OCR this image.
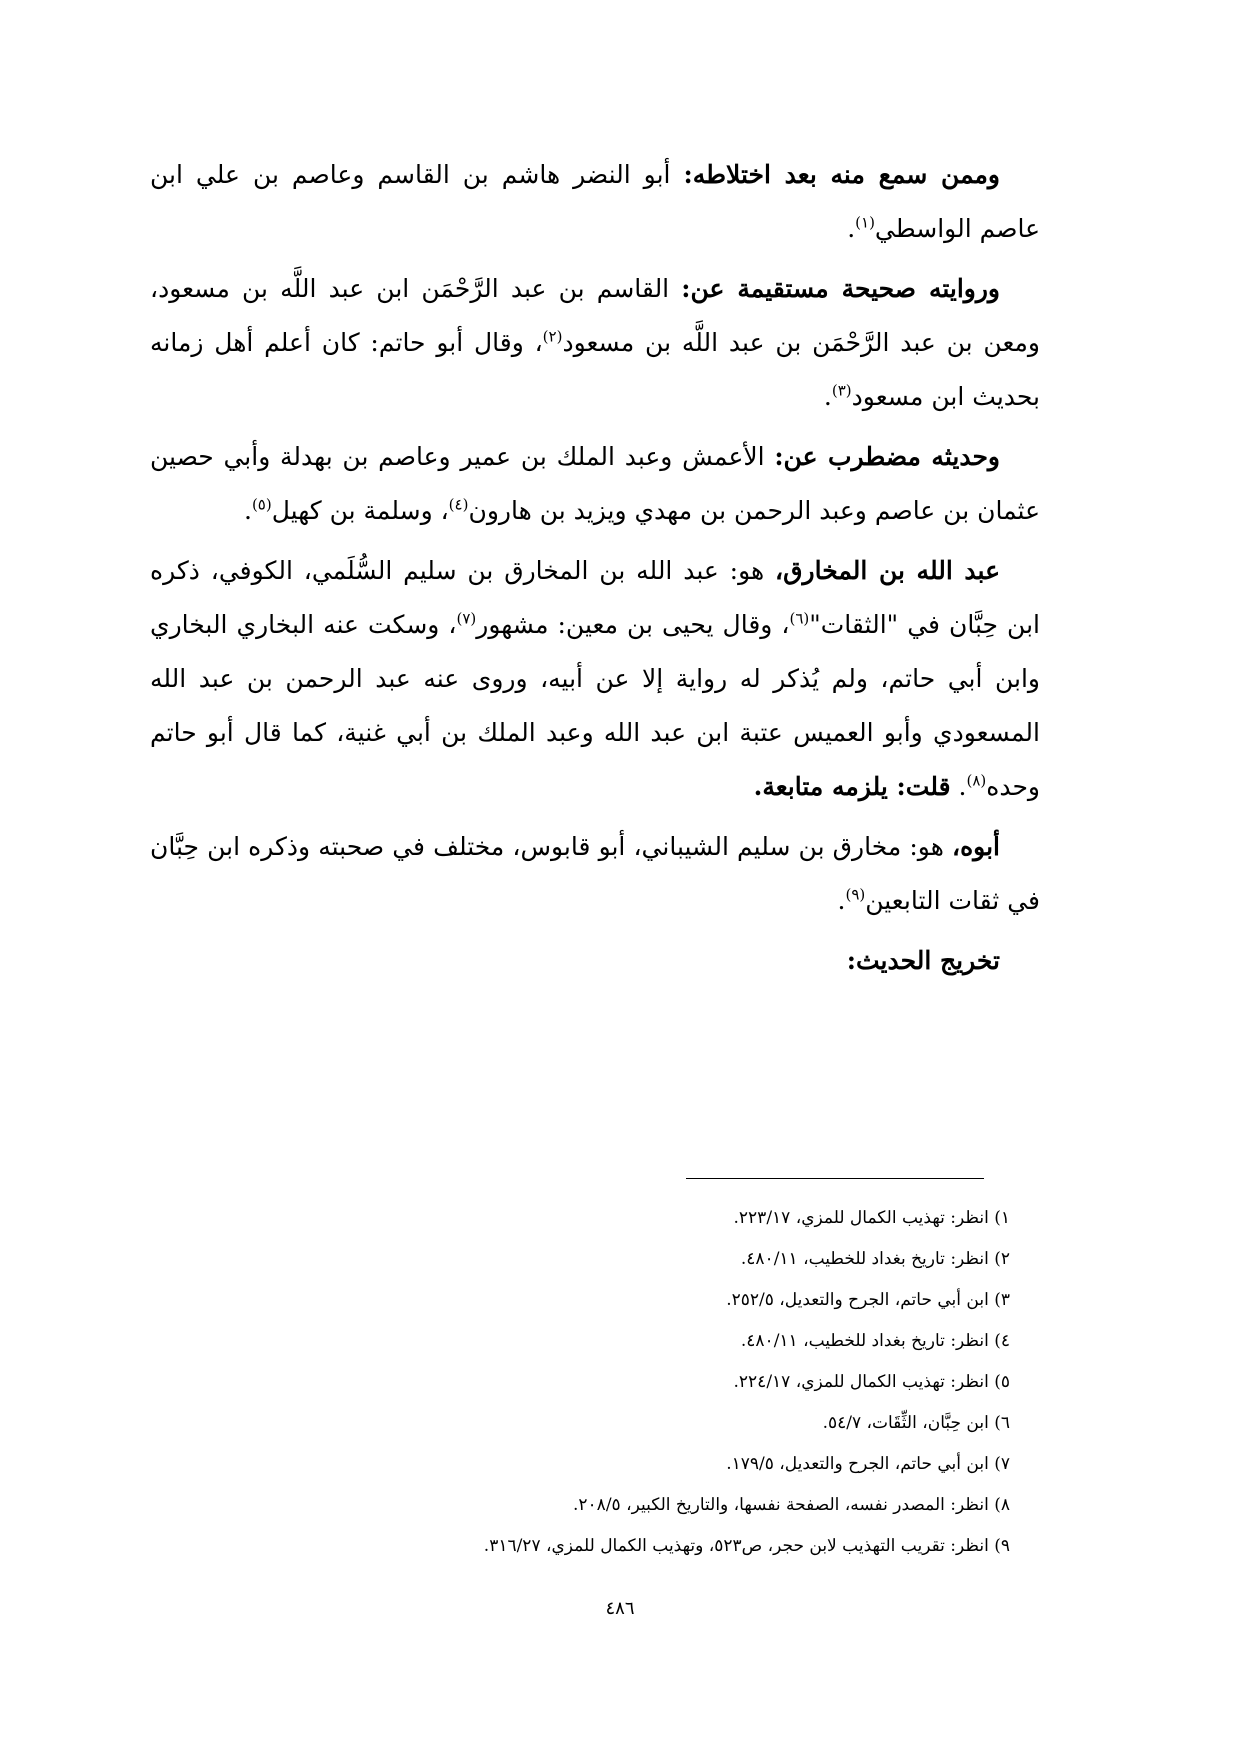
وممن سمع منه بعد اختلاطه: أبو النضر هاشم بن القاسم وعاصم بن علي ابن عاصم الواسطي$^{(١)}$.

وروايته صحيحة مستقيمة عن: القاسم بن عبد الرَّحْمَن ابن عبد اللَّه بن مسعود، ومعن بن عبد الرَّحْمَن بن عبد اللَّه بن مسعود$^{(٢)}$، وقال أبو حاتم: كان أعلم أهل زمانه بحديث ابن مسعود$^{(٣)}$.

وحديثه مضطرب عن: الأعمش وعبد الملك بن عمير وعاصم بن بهدلة وأبي حصين عثمان بن عاصم وعبد الرحمن بن مهدي ويزيد بن هارون$^{(٤)}$، وسلمة بن كهيل$^{(٥)}$.

عبد الله بن المخارق، هو: عبد الله بن المخارق بن سليم السُّلَمي، الكوفي، ذكره ابن حِبَّان في "الثقات"$^{(٦)}$، وقال يحيى بن معين: مشهور$^{(٧)}$، وسكت عنه البخاري البخاري وابن أبي حاتم، ولم يُذكر له رواية إلا عن أبيه، وروى عنه عبد الرحمن بن عبد الله المسعودي وأبو العميس عتبة ابن عبد الله وعبد الملك بن أبي غنية، كما قال أبو حاتم وحده$^{(٨)}$. قلت: يلزمه متابعة.

أبوه، هو: مخارق بن سليم الشيباني، أبو قابوس، مختلف في صحبته وذكره ابن حِبَّان في ثقات التابعين$^{(٩)}$.

تخريج الحديث:

١) انظر: تهذيب الكمال للمزي، ٢٢٣/١٧.

٢) انظر: تاريخ بغداد للخطيب، ٤٨٠/١١.

٣) ابن أبي حاتم، الجرح والتعديل، ٢٥٢/٥.

٤) انظر: تاريخ بغداد للخطيب، ٤٨٠/١١.

٥) انظر: تهذيب الكمال للمزي، ٢٢٤/١٧.

٦) ابن حِبَّان، الثِّقَات، ٥٤/٧.

٧) ابن أبي حاتم، الجرح والتعديل، ١٧٩/٥.

٨) انظر: المصدر نفسه، الصفحة نفسها، والتاريخ الكبير، ٢٠٨/٥.

٩) انظر: تقريب التهذيب لابن حجر، ص٥٢٣، وتهذيب الكمال للمزي، ٣١٦/٢٧.

٤٨٦
